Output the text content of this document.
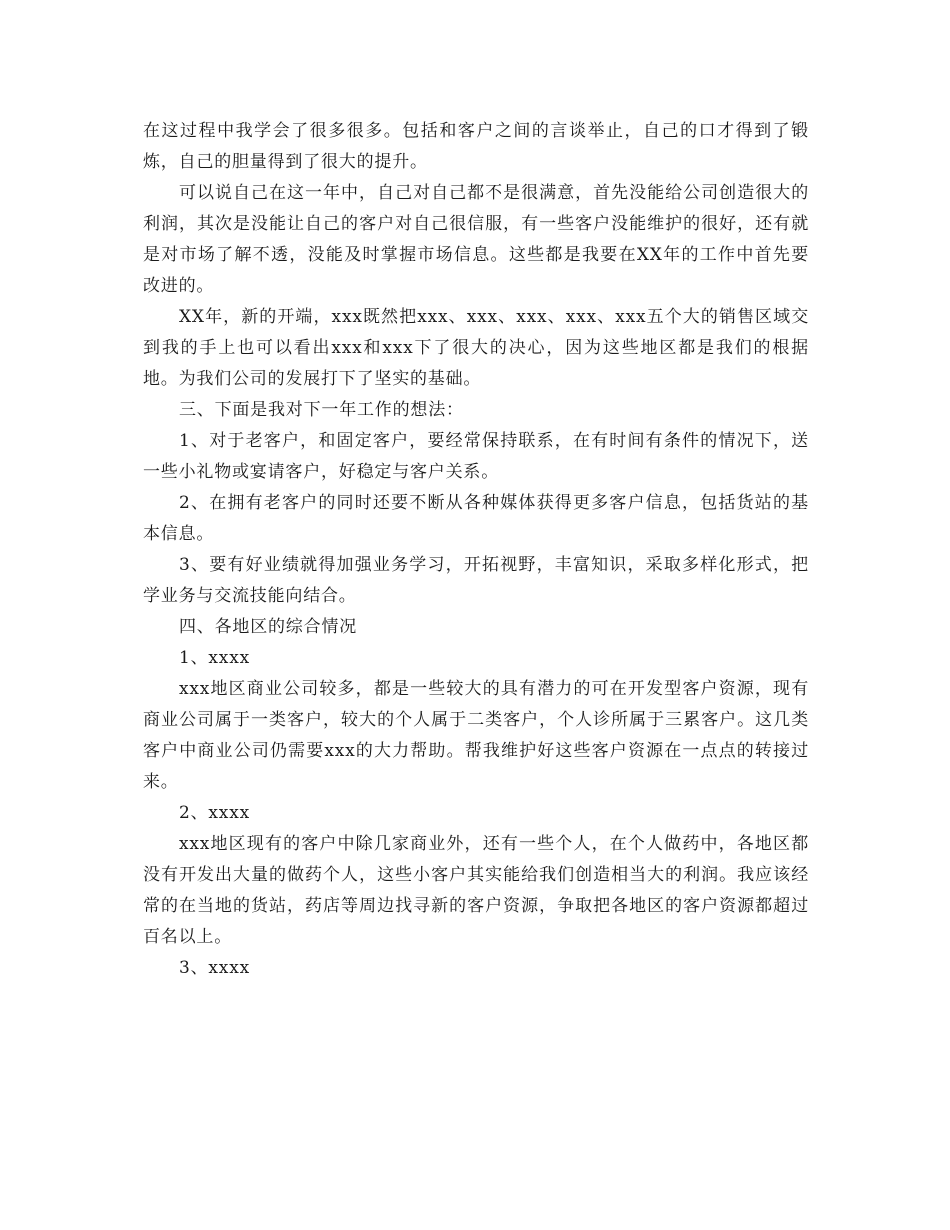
在这过程中我学会了很多很多。包括和客户之间的言谈举止，自己的口才得到了锻炼，自己的胆量得到了很大的提升。

可以说自己在这一年中，自己对自己都不是很满意，首先没能给公司创造很大的利润，其次是没能让自己的客户对自己很信服，有一些客户没能维护的很好，还有就是对市场了解不透，没能及时掌握市场信息。这些都是我要在XX年的工作中首先要改进的。

XX年，新的开端，xxx既然把xxx、xxx、xxx、xxx、xxx五个大的销售区域交到我的手上也可以看出xxx和xxx下了很大的决心，因为这些地区都是我们的根据地。为我们公司的发展打下了坚实的基础。

三、下面是我对下一年工作的想法：

1、对于老客户，和固定客户，要经常保持联系，在有时间有条件的情况下，送一些小礼物或宴请客户，好稳定与客户关系。

2、在拥有老客户的同时还要不断从各种媒体获得更多客户信息，包括货站的基本信息。

3、要有好业绩就得加强业务学习，开拓视野，丰富知识，采取多样化形式，把学业务与交流技能向结合。

四、各地区的综合情况

1、xxxx

xxx地区商业公司较多，都是一些较大的具有潜力的可在开发型客户资源，现有商业公司属于一类客户，较大的个人属于二类客户，个人诊所属于三累客户。这几类客户中商业公司仍需要xxx的大力帮助。帮我维护好这些客户资源在一点点的转接过来。

2、xxxx

xxx地区现有的客户中除几家商业外，还有一些个人，在个人做药中，各地区都没有开发出大量的做药个人，这些小客户其实能给我们创造相当大的利润。我应该经常的在当地的货站，药店等周边找寻新的客户资源，争取把各地区的客户资源都超过百名以上。

3、xxxx
